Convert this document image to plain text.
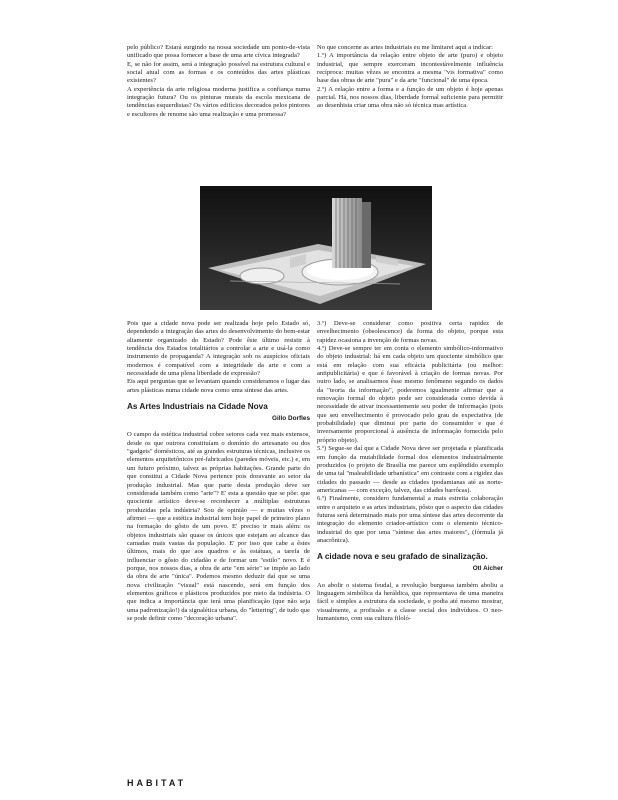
pelo público? Estará surgindo na nossa sociedade um ponto-de-vista unificado que possa fornecer a base de uma arte cívica integrada?

E, se não for assim, será a integração possível na estrutura cultural e social atual com as formas e os conteúdos das artes plásticas existentes?

A experiência da arte religiosa moderna justifica a confiança numa integração futura? Ou os pinturas murais da escola mexicana de tendências esquerdistas? Os vários edifícios decorados pelos pintores e escultores de renome são uma realização e uma promessa?

No que concerne as artes industriais eu me limitarei aqui a indicar:

1.º) A importância da relação entre objeto de arte (puro) e objeto industrial, que sempre exerceram incontestàvelmente influência recíproca: muitas vêzes se encontra a mesma "vis formativa" como base das obras de arte "pura" e da arte "funcional" de uma época.

2.º) A relação entre a forma e a função de um objeto é hoje apenas parcial. Há, nos nossos dias, liberdade formal suficiente para permitir ao desenhista criar uma obra não só técnica mas artística.

Pois que a cidade nova pode ser realizada hoje pelo Estado só, dependendo a integração das artes do desenvolvimento do bem-estar altamente organizado do Estado? Pode êste último resistir à tendência dos Estados totalitários a controlar a arte e usá-la como instrumento de propaganda? A integração sob os auspícios oficiais modernos é compatível com a integridade da arte e com a necessidade de uma plena liberdade de expressão?

Eis aqui perguntas que se levantam quando consideramos o lugar das artes plásticas numa cidade nova como uma síntese das artes.

As Artes Industriais na Cidade Nova
Gillo Dorfles

O campo da estética industrial cobre setores cada vez mais extensos, desde os que outrora constituíam o domínio do artesanato ou dos "gadgets" domésticos, até as grandes estruturas técnicas, inclusive os elementos arquitetônicos pré-fabricados (paredes móveis, etc.) e, em um futuro próximo, talvez as próprias habitações. Grande parte do que constitui a Cidade Nova pertence pois doravante ao setor da produção industrial. Mas que parte desta produção deve ser considerada também como "arte"? E' esta a questão que se põe: que quociente artístico deve-se reconhecer a múltiplas estruturas produzidas pela indústria? Sou de opinião — e muitas vêzes o afirmei — que a estética industrial tem hoje papel de primeiro plano na formação do gôsto de um povo. E' preciso ir mais além: os objetos industriais são quase os únicos que estejam ao alcance das camadas mais vastas da população. E' por isso que cabe a êstes últimos, mais do que aos quadros e às estátuas, a tarefa de influenciar o gôsto do cidadão e de formar um "estilo" novo. E é porque, nos nossos dias, a obra de arte "em série" se impõe ao lado da obra de arte "única". Podemos mesmo deduzir daí que se uma nova civilização "visual" está nascendo, será em função dos elementos gráficos e plásticos produzidos por meio da indústria. O que indica a importância que terá uma planificação (que não seja uma padronização!) da signalética urbana, do "lettering", de tudo que se pode definir como "decoração urbana".

3.º) Deve-se considerar como positiva certa rapidez de envelhecimento (obsolescence) da forma do objeto, porque esta rapidez ocasiona a invenção de formas novas.

4.º) Deve-se sempre ter em conta o elemento simbólico-informativo do objeto industrial: há em cada objeto um quociente simbólico que está em relação com sua eficácia publicitária (ou melhor: antipublicitária) e que é favorável à criação de formas novas. Por outro lado, se analisarmos êsse mesmo fenômeno segundo os dados da "teoria da informação", poderemos igualmente afirmar que a renovação formal do objeto pode ser considerada como devida à necessidade de ativar incessantemente seu poder de informação (pois que seu envelhecimento é provocado pelo grau de expectativa (de probabilidade) que diminui por parte do consumidor e que é inversamente proporcional à ausência de informação fornecida pelo próprio objeto).

5.º) Segue-se daí que a Cidade Nova deve ser projetada e planificada em função da mutabilidade formal dos elementos industrialmente produzidos (o projeto de Brasília me parece um esplêndido exemplo de uma tal "maleabilidade urbanística" em contraste com a rigidez das cidades do passado — desde as cidades ipodamianas até as norte-americanas — com exceção, talvez, das cidades barrôcas).

6.º) Finalmente, considero fundamental a mais estreita colaboração entre o arquiteto e as artes industriais, pôsto que o aspecto das cidades futuras será determinado mais por uma síntese das artes decorrente da integração do elemento criador-artístico com o elemento técnico-industrial do que por uma "síntese das artes maiores", (fórmula já anacrônica).

A cidade nova e seu grafado de sinalização.
Otl Aicher

Ao abolir o sistema feudal, a revolução burguesa também aboliu a linguagem simbólica da heráldica, que representava de uma maneira fácil e simples a estrutura da sociedade, e podia até mesmo mostrar, visualmente, a profissão e a classe social dos indivíduos. O neo-humanismo, com sua cultura filoló-

HABITAT
